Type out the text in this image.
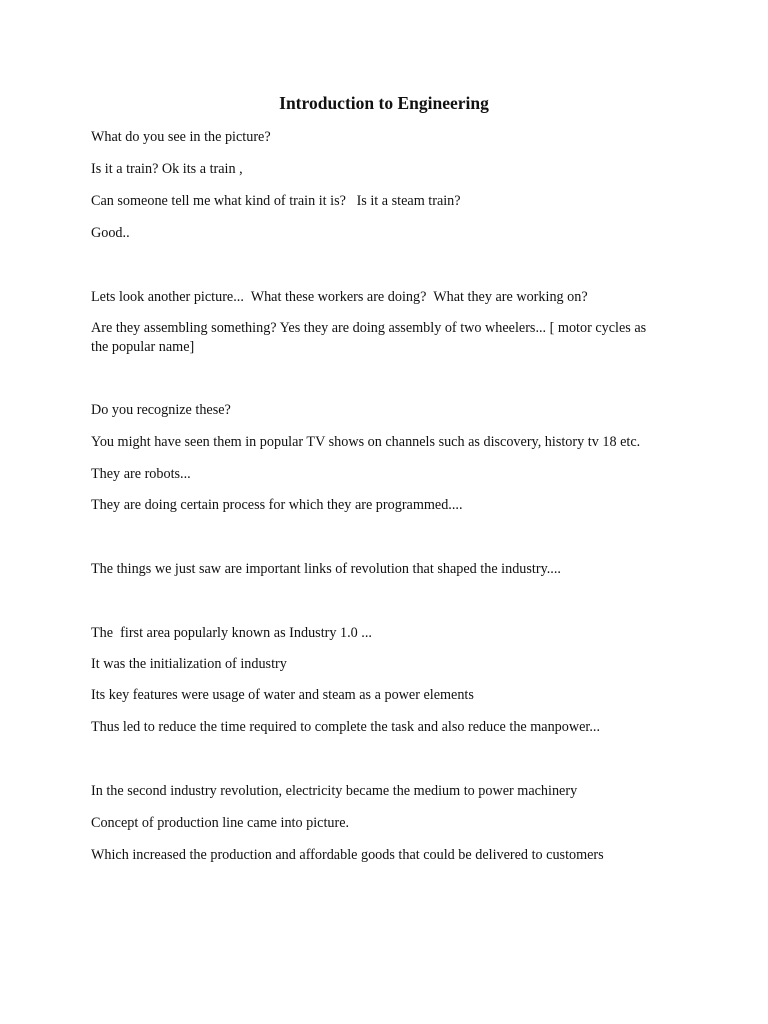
Introduction to Engineering

What do you see in the picture?

Is it a train? Ok its a train ,

Can someone tell me what kind of train it is?   Is it a steam train?

Good..

Lets look another picture...  What these workers are doing?  What they are working on?

Are they assembling something? Yes they are doing assembly of two wheelers... [ motor cycles as the popular name]

Do you recognize these?

You might have seen them in popular TV shows on channels such as discovery, history tv 18 etc.

They are robots...

They are doing certain process for which they are programmed....

The things we just saw are important links of revolution that shaped the industry....

The  first area popularly known as Industry 1.0 ...

It was the initialization of industry

Its key features were usage of water and steam as a power elements

Thus led to reduce the time required to complete the task and also reduce the manpower...

In the second industry revolution, electricity became the medium to power machinery

Concept of production line came into picture.

Which increased the production and affordable goods that could be delivered to customers
